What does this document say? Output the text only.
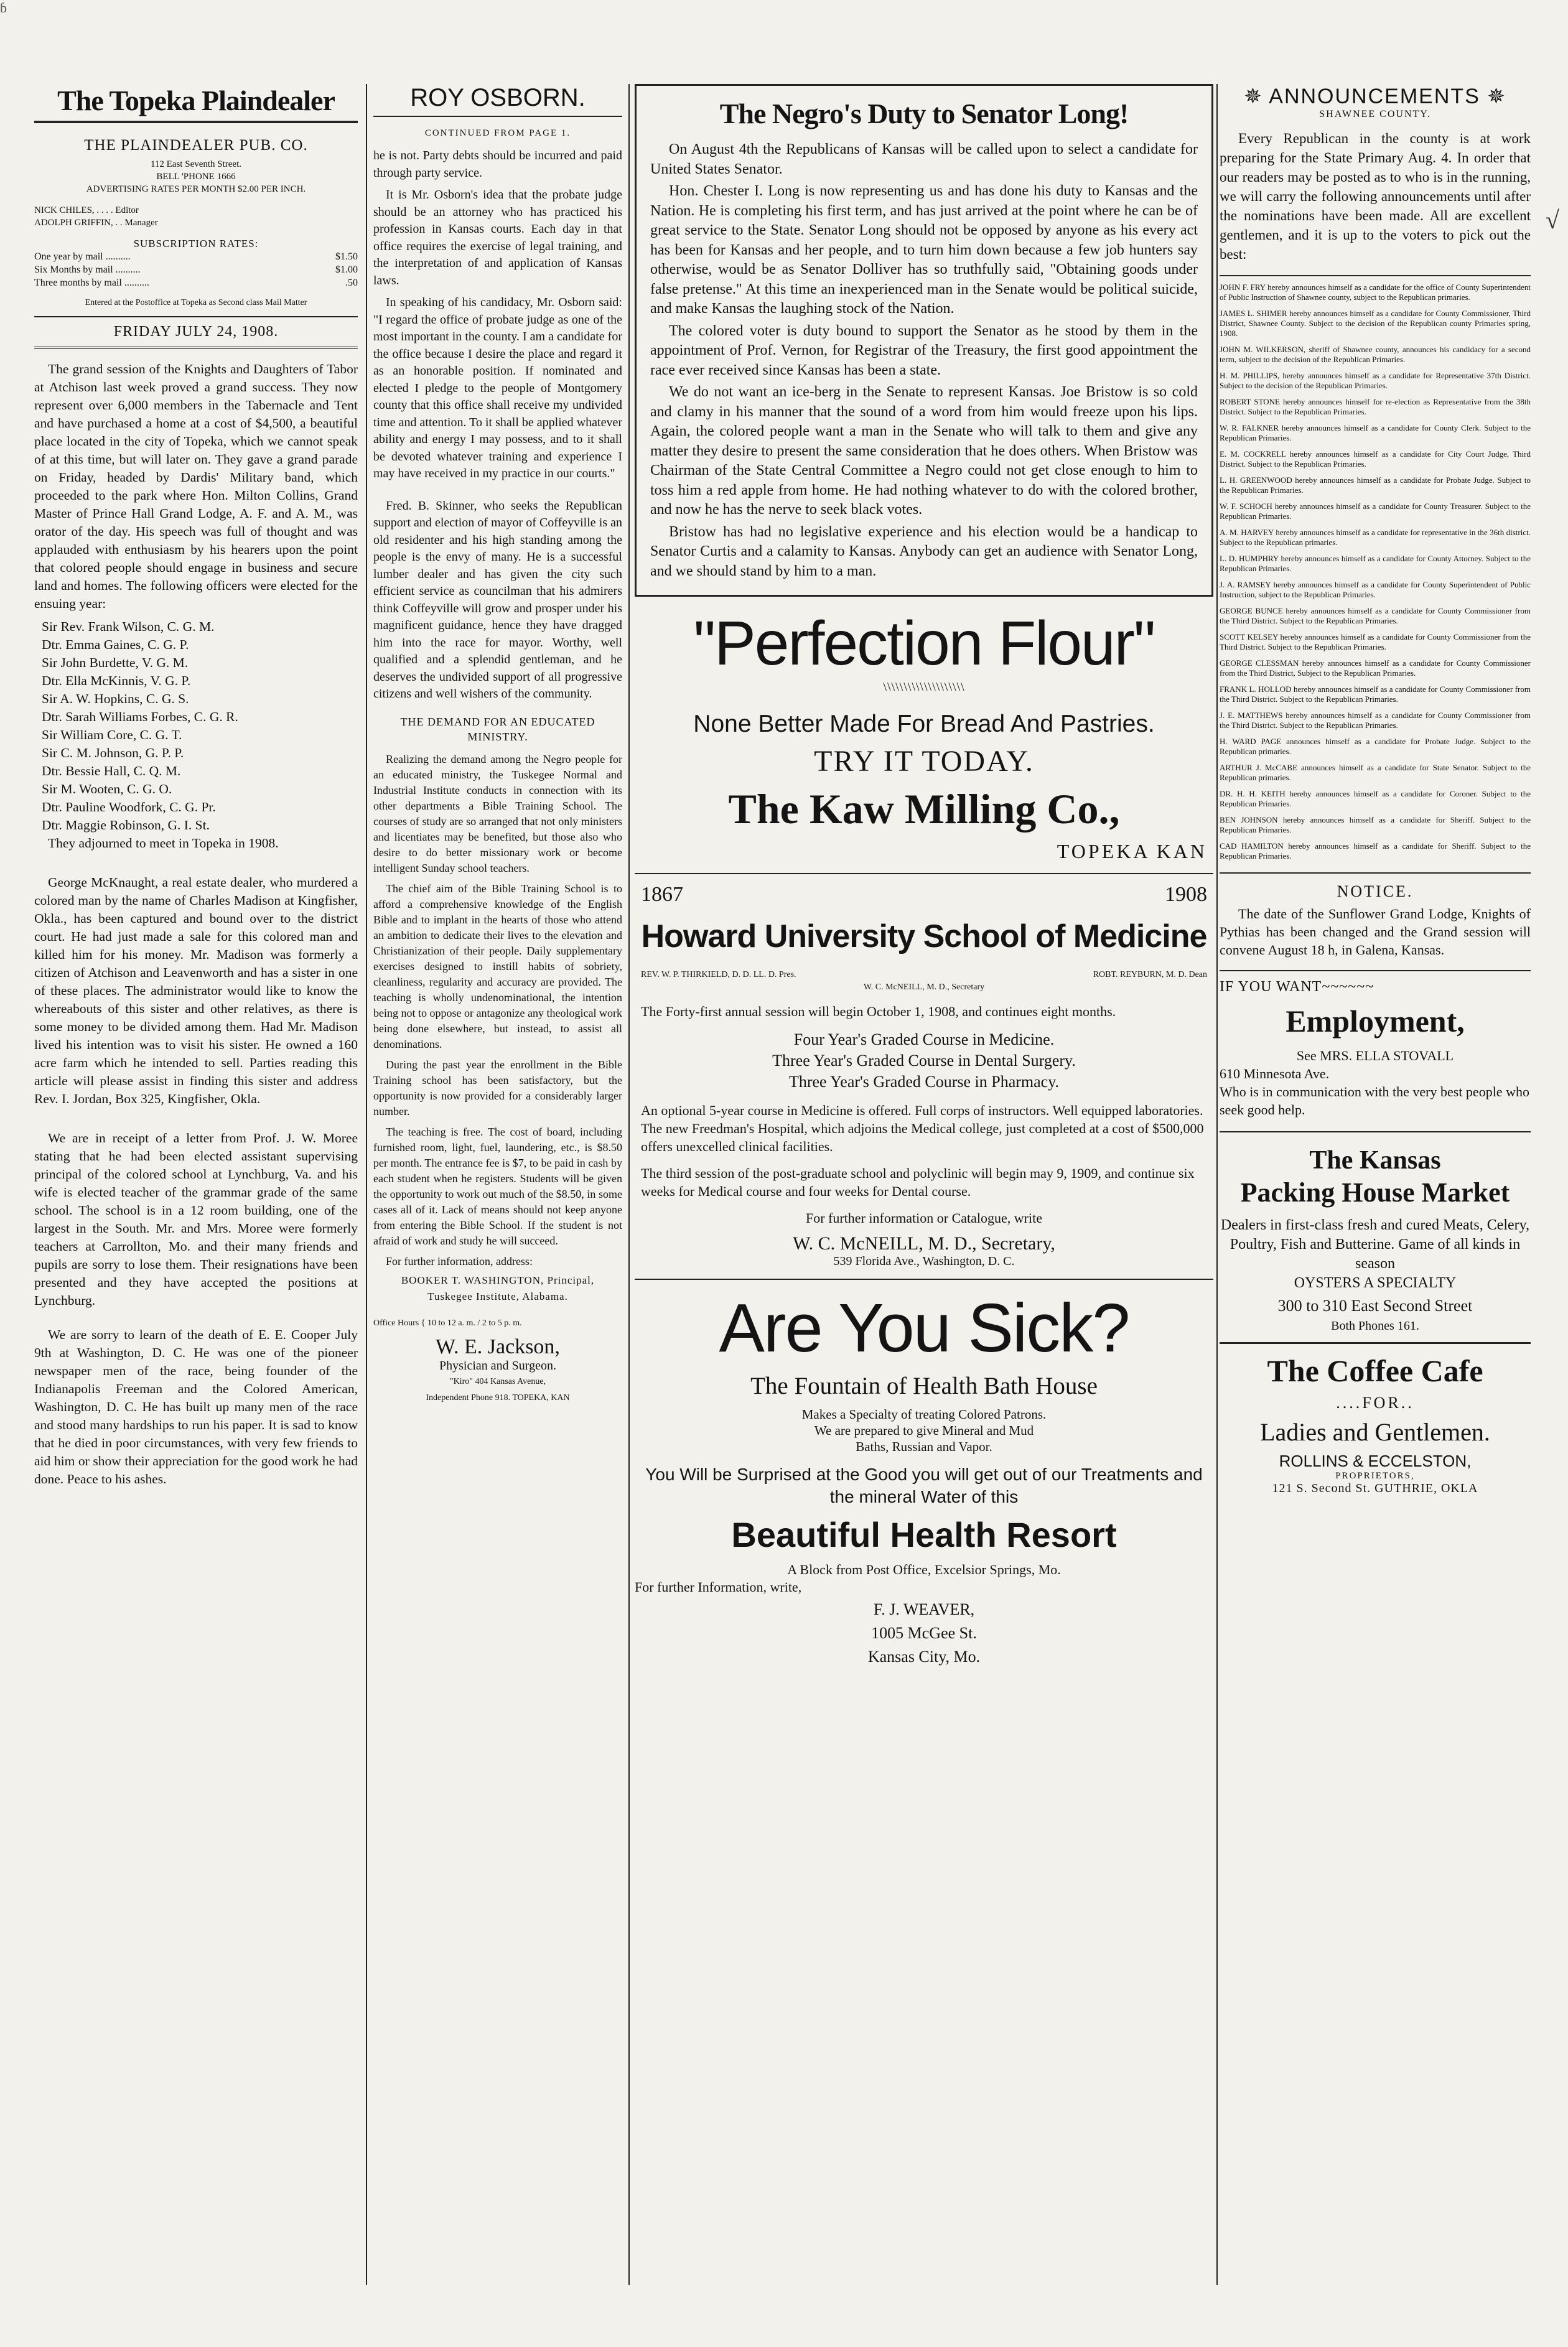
ɓ
√
The Topeka Plaindealer
THE PLAINDEALER PUB. CO.
112 East Seventh Street.
BELL 'PHONE 1666
ADVERTISING RATES PER MONTH $2.00 PER INCH.
NICK CHILES, . . . . Editor
ADOLPH GRIFFIN, . . Manager
SUBSCRIPTION RATES:
One year by mail ..........	$1.50
Six Months by mail ..........	$1.00
Three months by mail ..........	.50
Entered at the Postoffice at Topeka as Second class Mail Matter
FRIDAY JULY 24, 1908.

The grand session of the Knights and Daughters of Tabor at Atchison last week proved a grand success. They now represent over 6,000 members in the Tabernacle and Tent and have purchased a home at a cost of $4,500, a beautiful place located in the city of Topeka, which we cannot speak of at this time, but will later on. They gave a grand parade on Friday, headed by Dardis' Military band, which proceeded to the park where Hon. Milton Collins, Grand Master of Prince Hall Grand Lodge, A. F. and A. M., was orator of the day. His speech was full of thought and was applauded with enthusiasm by his hearers upon the point that colored people should engage in business and secure land and homes. The following officers were elected for the ensuing year:

Sir Rev. Frank Wilson, C. G. M.
Dtr. Emma Gaines, C. G. P.
Sir John Burdette, V. G. M.
Dtr. Ella McKinnis, V. G. P.
Sir A. W. Hopkins, C. G. S.
Dtr. Sarah Williams Forbes, C. G. R.
Sir William Core, C. G. T.
Sir C. M. Johnson, G. P. P.
Dtr. Bessie Hall, C. Q. M.
Sir M. Wooten, C. G. O.
Dtr. Pauline Woodfork, C. G. Pr.
Dtr. Maggie Robinson, G. I. St.

They adjourned to meet in Topeka in 1908.

George McKnaught, a real estate dealer, who murdered a colored man by the name of Charles Madison at Kingfisher, Okla., has been captured and bound over to the district court. He had just made a sale for this colored man and killed him for his money. Mr. Madison was formerly a citizen of Atchison and Leavenworth and has a sister in one of these places. The administrator would like to know the whereabouts of this sister and other relatives, as there is some money to be divided among them. Had Mr. Madison lived his intention was to visit his sister. He owned a 160 acre farm which he intended to sell. Parties reading this article will please assist in finding this sister and address Rev. I. Jordan, Box 325, Kingfisher, Okla.

We are in receipt of a letter from Prof. J. W. Moree stating that he had been elected assistant supervising principal of the colored school at Lynchburg, Va. and his wife is elected teacher of the grammar grade of the same school. The school is in a 12 room building, one of the largest in the South. Mr. and Mrs. Moree were formerly teachers at Carrollton, Mo. and their many friends and pupils are sorry to lose them. Their resignations have been presented and they have accepted the positions at Lynchburg.

We are sorry to learn of the death of E. E. Cooper July 9th at Washington, D. C. He was one of the pioneer newspaper men of the race, being founder of the Indianapolis Freeman and the Colored American, Washington, D. C. He has built up many men of the race and stood many hardships to run his paper. It is sad to know that he died in poor circumstances, with very few friends to aid him or show their appreciation for the good work he had done. Peace to his ashes.

ROY OSBORN.
CONTINUED FROM PAGE 1.

he is not. Party debts should be incurred and paid through party service.

It is Mr. Osborn's idea that the probate judge should be an attorney who has practiced his profession in Kansas courts. Each day in that office requires the exercise of legal training, and the interpretation of and application of Kansas laws.

In speaking of his candidacy, Mr. Osborn said: "I regard the office of probate judge as one of the most important in the county. I am a candidate for the office because I desire the place and regard it as an honorable position. If nominated and elected I pledge to the people of Montgomery county that this office shall receive my undivided time and attention. To it shall be applied whatever ability and energy I may possess, and to it shall be devoted whatever training and experience I may have received in my practice in our courts."

Fred. B. Skinner, who seeks the Republican support and election of mayor of Coffeyville is an old residenter and his high standing among the people is the envy of many. He is a successful lumber dealer and has given the city such efficient service as councilman that his admirers think Coffeyville will grow and prosper under his magnificent guidance, hence they have dragged him into the race for mayor. Worthy, well qualified and a splendid gentleman, and he deserves the undivided support of all progressive citizens and well wishers of the community.

THE DEMAND FOR AN EDUCATED MINISTRY.

Realizing the demand among the Negro people for an educated ministry, the Tuskegee Normal and Industrial Institute conducts in connection with its other departments a Bible Training School. The courses of study are so arranged that not only ministers and licentiates may be benefited, but those also who desire to do better missionary work or become intelligent Sunday school teachers.

The chief aim of the Bible Training School is to afford a comprehensive knowledge of the English Bible and to implant in the hearts of those who attend an ambition to dedicate their lives to the elevation and Christianization of their people. Daily supplementary exercises designed to instill habits of sobriety, cleanliness, regularity and accuracy are provided. The teaching is wholly undenominational, the intention being not to oppose or antagonize any theological work being done elsewhere, but instead, to assist all denominations.

During the past year the enrollment in the Bible Training school has been satisfactory, but the opportunity is now provided for a considerably larger number.

The teaching is free. The cost of board, including furnished room, light, fuel, laundering, etc., is $8.50 per month. The entrance fee is $7, to be paid in cash by each student when he registers. Students will be given the opportunity to work out much of the $8.50, in some cases all of it. Lack of means should not keep anyone from entering the Bible School. If the student is not afraid of work and study he will succeed.

For further information, address:

BOOKER T. WASHINGTON, Principal,
Tuskegee Institute, Alabama.
Office Hours { 10 to 12 a. m. / 2 to 5 p. m.
W. E. Jackson,
Physician and Surgeon.
"Kiro" 404 Kansas Avenue,
Independent Phone 918. TOPEKA, KAN
The Negro's Duty to Senator Long!

On August 4th the Republicans of Kansas will be called upon to select a candidate for United States Senator.

Hon. Chester I. Long is now representing us and has done his duty to Kansas and the Nation. He is completing his first term, and has just arrived at the point where he can be of great service to the State. Senator Long should not be opposed by anyone as his every act has been for Kansas and her people, and to turn him down because a few job hunters say otherwise, would be as Senator Dolliver has so truthfully said, "Obtaining goods under false pretense." At this time an inexperienced man in the Senate would be political suicide, and make Kansas the laughing stock of the Nation.

The colored voter is duty bound to support the Senator as he stood by them in the appointment of Prof. Vernon, for Registrar of the Treasury, the first good appointment the race ever received since Kansas has been a state.

We do not want an ice-berg in the Senate to represent Kansas. Joe Bristow is so cold and clamy in his manner that the sound of a word from him would freeze upon his lips. Again, the colored people want a man in the Senate who will talk to them and give any matter they desire to present the same consideration that he does others. When Bristow was Chairman of the State Central Committee a Negro could not get close enough to him to toss him a red apple from home. He had nothing whatever to do with the colored brother, and now he has the nerve to seek black votes.

Bristow has had no legislative experience and his election would be a handicap to Senator Curtis and a calamity to Kansas. Anybody can get an audience with Senator Long, and we should stand by him to a man.

"Perfection Flour"
\\\\\\\\\\\\\\\\\\\\
None Better Made For Bread And Pastries.
TRY IT TODAY.
The Kaw Milling Co.,
TOPEKA KAN
1867	1908
Howard University School of Medicine
REV. W. P. THIRKIELD, D. D. LL. D. Pres.	ROBT. REYBURN, M. D. Dean
W. C. McNEILL, M. D., Secretary
The Forty-first annual session will begin October 1, 1908, and continues eight months.
Four Year's Graded Course in Medicine.
Three Year's Graded Course in Dental Surgery.
Three Year's Graded Course in Pharmacy.
An optional 5-year course in Medicine is offered. Full corps of instructors. Well equipped laboratories. The new Freedman's Hospital, which adjoins the Medical college, just completed at a cost of $500,000 offers unexcelled clinical facilities.
The third session of the post-graduate school and polyclinic will begin may 9, 1909, and continue six weeks for Medical course and four weeks for Dental course.
For further information or Catalogue, write
W. C. McNEILL, M. D., Secretary,
539 Florida Ave., Washington, D. C.
Are You Sick?
The Fountain of Health Bath House
Makes a Specialty of treating Colored Patrons. We are prepared to give Mineral and Mud Baths, Russian and Vapor.
You Will be Surprised at the Good you will get out of our Treatments and the mineral Water of this
Beautiful Health Resort
A Block from Post Office, Excelsior Springs, Mo.
For further Information, write,
F. J. WEAVER,
1005 McGee St.
Kansas City, Mo.
✵ ANNOUNCEMENTS ✵
SHAWNEE COUNTY.

Every Republican in the county is at work preparing for the State Primary Aug. 4. In order that our readers may be posted as to who is in the running, we will carry the following announcements until after the nominations have been made. All are excellent gentlemen, and it is up to the voters to pick out the best:

JOHN F. FRY hereby announces himself as a candidate for the office of County Superintendent of Public Instruction of Shawnee county, subject to the Republican primaries.

JAMES L. SHIMER hereby announces himself as a candidate for County Commissioner, Third District, Shawnee County. Subject to the decision of the Republican county Primaries spring, 1908.

JOHN M. WILKERSON, sheriff of Shawnee county, announces his candidacy for a second term, subject to the decision of the Republican Primaries.

H. M. PHILLIPS, hereby announces himself as a candidate for Representative 37th District. Subject to the decision of the Republican Primaries.

ROBERT STONE hereby announces himself for re-election as Representative from the 38th District. Subject to the Republican Primaries.

W. R. FALKNER hereby announces himself as a candidate for County Clerk. Subject to the Republican Primaries.

E. M. COCKRELL hereby announces himself as a candidate for City Court Judge, Third District. Subject to the Republican Primaries.

L. H. GREENWOOD hereby announces himself as a candidate for Probate Judge. Subject to the Republican Primaries.

W. F. SCHOCH hereby announces himself as a candidate for County Treasurer. Subject to the Republican Primaries.

A. M. HARVEY hereby announces himself as a candidate for representative in the 36th district. Subject to the Republican primaries.

L. D. HUMPHRY hereby announces himself as a candidate for County Attorney. Subject to the Republican Primaries.

J. A. RAMSEY hereby announces himself as a candidate for County Superintendent of Public Instruction, subject to the Republican Primaries.

GEORGE BUNCE hereby announces himself as a candidate for County Commissioner from the Third District. Subject to the Republican Primaries.

SCOTT KELSEY hereby announces himself as a candidate for County Commissioner from the Third District. Subject to the Republican Primaries.

GEORGE CLESSMAN hereby announces himself as a candidate for County Commissioner from the Third District, Subject to the Republican Primaries.

FRANK L. HOLLOD hereby announces himself as a candidate for County Commissioner from the Third District. Subject to the Republican Primaries.

J. E. MATTHEWS hereby announces himself as a candidate for County Commissioner from the Third District. Subject to the Republican Primaries.

H. WARD PAGE announces himself as a candidate for Probate Judge. Subject to the Republican primaries.

ARTHUR J. McCABE announces himself as a candidate for State Senator. Subject to the Republican primaries.

DR. H. H. KEITH hereby announces himself as a candidate for Coroner. Subject to the Republican Primaries.

BEN JOHNSON hereby announces himself as a candidate for Sheriff. Subject to the Republican Primaries.

CAD HAMILTON hereby announces himself as a candidate for Sheriff. Subject to the Republican Primaries.

NOTICE.

The date of the Sunflower Grand Lodge, Knights of Pythias has been changed and the Grand session will convene August 18 h, in Galena, Kansas.

IF YOU WANT~~~~~~
Employment,
See MRS. ELLA STOVALL
610 Minnesota Ave.
Who is in communication with the very best people who seek good help.
The Kansas
Packing House Market
Dealers in first-class fresh and cured Meats, Celery, Poultry, Fish and Butterine. Game of all kinds in season
OYSTERS A SPECIALTY
300 to 310 East Second Street
Both Phones 161.
The Coffee Cafe
....FOR..
Ladies and Gentlemen.
ROLLINS & ECCELSTON,
PROPRIETORS,
121 S. Second St. GUTHRIE, OKLA
